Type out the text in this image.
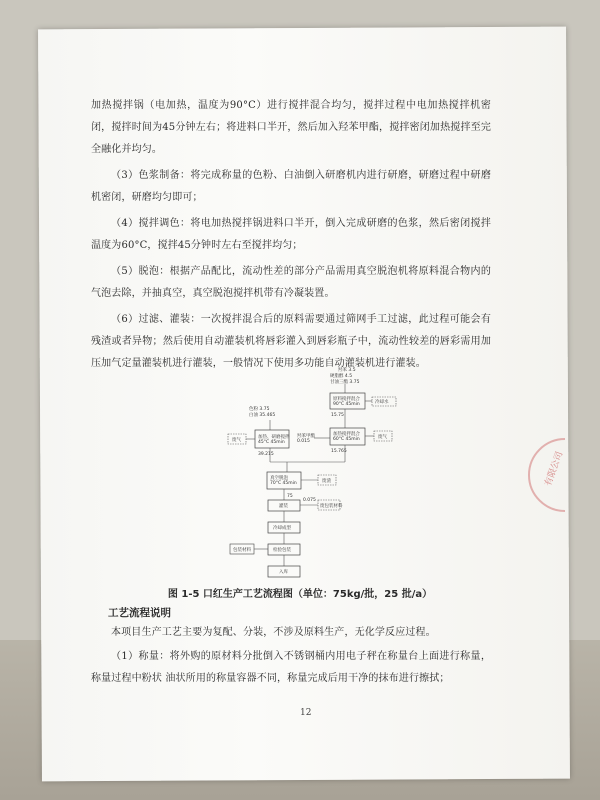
加热搅拌锅（电加热，温度为90°C）进行搅拌混合均匀，搅拌过程中电加热搅拌机密闭，搅拌时间为45分钟左右；将进料口半开，然后加入羟苯甲酯，搅拌密闭加热搅拌至完全融化并均匀。

（3）色浆制备：将完成称量的色粉、白油倒入研磨机内进行研磨，研磨过程中研磨机密闭，研磨均匀即可；

（4）搅拌调色：将电加热搅拌锅进料口半开，倒入完成研磨的色浆，然后密闭搅拌温度为60°C，搅拌45分钟时左右至搅拌均匀；

（5）脱泡：根据产品配比，流动性差的部分产品需用真空脱泡机将原料混合物内的气泡去除，并抽真空，真空脱泡搅拌机带有冷凝装置。

（6）过滤、灌装：一次搅拌混合后的原料需要通过筛网手工过滤，此过程可能会有残渣或者异物；然后使用自动灌装机将唇彩灌入到唇彩瓶子中，流动性较差的唇彩需用加压加气定量灌装机进行灌装，一般情况下使用多功能自动灌装机进行灌装。

羟苯 3.5 硬脂醇 4.5 甘油三酯 3.75
原料搅拌混合 90°C 45min
15.75
冷却水
色粉 3.75 白油 35.465
废气
加热、研磨搅拌 45°C 45min
39.215
羟苯甲酯 0.015
加热搅拌混合 60°C 45min
15.765
废气
真空脱泡 70°C 45min	废渣
75
灌装
0.075
废包装材料
冷却成型
包装材料	检验包装
入库
图 1-5 口红生产工艺流程图（单位：75kg/批，25 批/a）
工艺流程说明

本项目生产工艺主要为复配、分装，不涉及原料生产，无化学反应过程。

（1）称量：将外购的原材料分批倒入不锈钢桶内用电子秤在称量台上面进行称量，称量过程中粉状 油状所用的称量容器不同，称量完成后用干净的抹布进行擦拭；

12
有限公司
